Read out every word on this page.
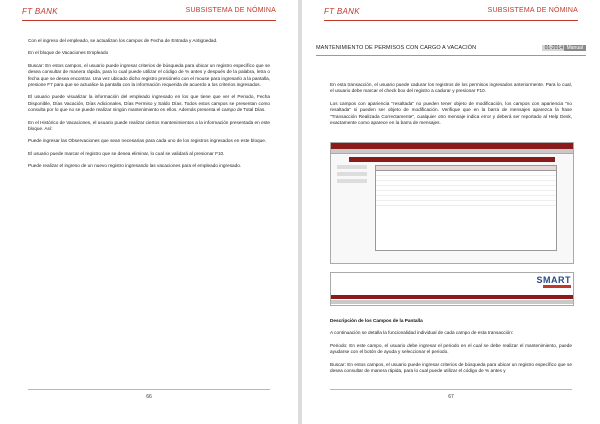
FT BANK	SUBSISTEMA DE NÓMINA

Con el ingreso del empleado, se actualizan los campos de Fecha de Entrada y Antigüedad.

En el bloque de Vacaciones Empleado

Buscar: En estos campos, el usuario puede ingresar criterios de búsqueda para ubicar un registro específico que se desea consultar de manera rápida, para lo cual puede utilizar el código de % antes y después de la palabra, letra o fecha que se desea encontrar. Una vez ubicado dicho registro presiónelo con el mouse para ingresarlo a la pantalla, presione F7 para que se actualice la pantalla con la información requerida de acuerdo a los criterios ingresados.

El usuario puede visualizar la información del empleado ingresado en los que tiene que ver el Periodo, Fecha Disponible, Días Vacación, Días Adicionales, Días Permiso y Saldo Días. Todos estos campos se presentan como consulta por lo que no se puede realizar ningún mantenimiento en ellos. Además presenta el campo de Total Días.

En el Histórico de Vacaciones, el usuario puede realizar ciertos mantenimientos a la información presentada en este bloque. Así:

Puede ingresar las Observaciones que sean necesarias para cada uno de los registros ingresados en este bloque.

El usuario puede marcar el registro que se desea eliminar, lo cual se validará al presionar F10.

Puede realizar el ingreso de un nuevo registro ingresando las vacaciones para el empleado ingresado.

66
FT BANK	SUBSISTEMA DE NÓMINA
MANTENIMIENTO DE PERMISOS CON CARGO A VACACIÓN	01-2014 Manual

En esta transacción, el usuario puede cadurar los registros de los permisos ingresados anteriormente. Para lo cual, el usuario debe marcar el check box del registro a cadurar y presionar F10.

Los campos con apariencia "resaltada" no pueden tener objeto de modificación, los campos con apariencia "no resaltada" si pueden ser objeto de modificación. Verifique que en la barra de mensajes aparezca la frase "Transacción Realizada Correctamente", cualquier otro mensaje indica error y deberá ser reportado al Help Desk, exactamente como aparece en la barra de mensajes.

SMART

Descripción de los Campos de la Pantalla

A continuación se detalla la funcionalidad individual de cada campo de esta transacción:

Periodo: En este campo, el usuario debe ingresar el periodo en el cual se debe realizar el mantenimiento, puede ayudarse con el botón de ayuda y seleccionar el periodo.

Buscar: En estos campos, el usuario puede ingresar criterios de búsqueda para ubicar un registro específico que se desea consultar de manera rápida, para lo cual puede utilizar el código de % antes y

67
